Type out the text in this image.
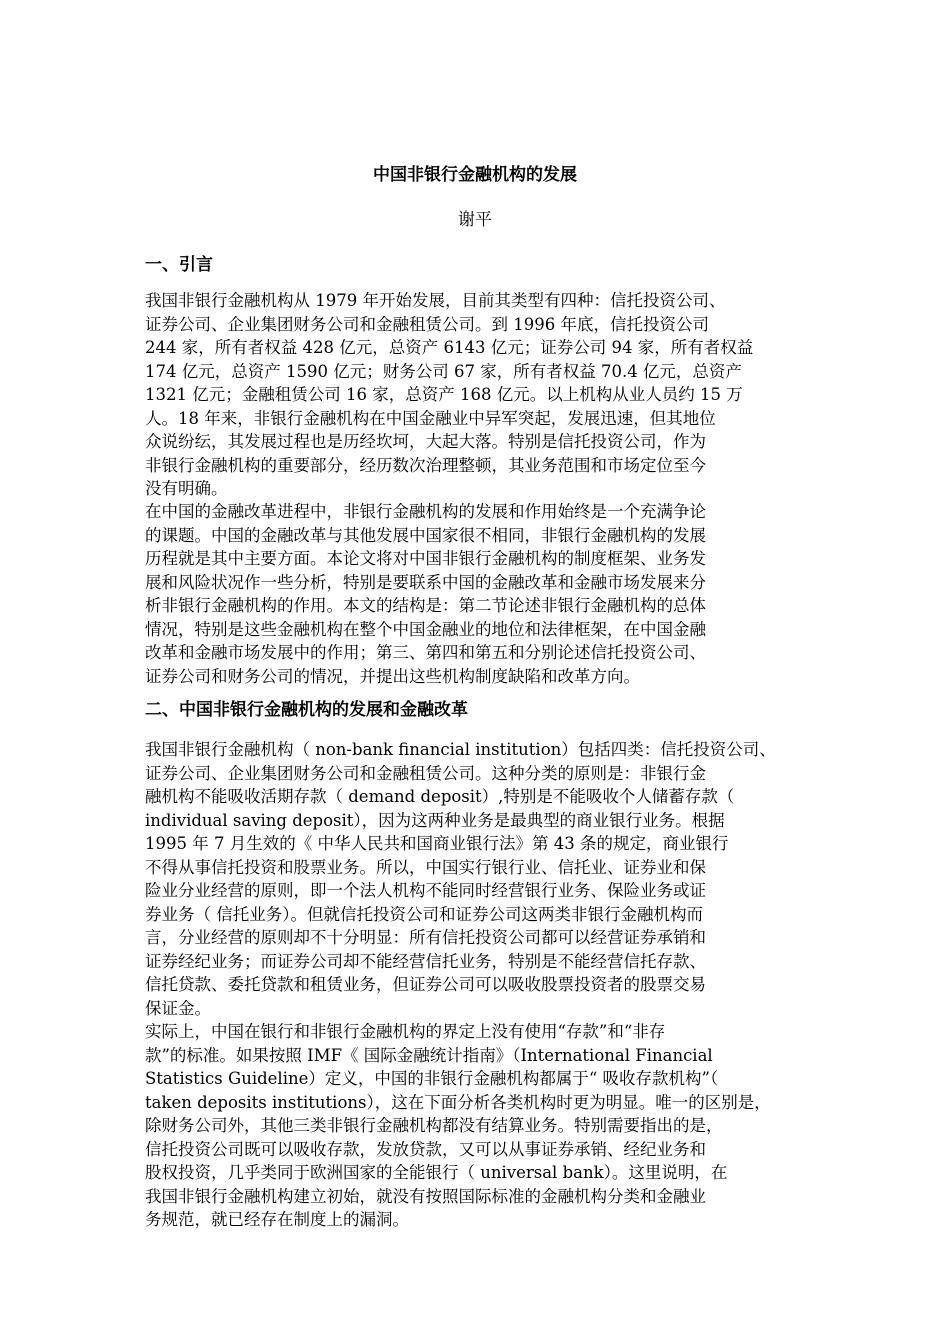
中国非银行金融机构的发展
谢平
一、引言
我国非银行金融机构从 1979 年开始发展，目前其类型有四种：信托投资公司、
证券公司、企业集团财务公司和金融租赁公司。到 1996 年底，信托投资公司
244 家，所有者权益 428 亿元，总资产 6143 亿元；证券公司 94 家，所有者权益
174 亿元，总资产 1590 亿元；财务公司 67 家，所有者权益 70.4 亿元，总资产
1321 亿元；金融租赁公司 16 家，总资产 168 亿元。以上机构从业人员约 15 万
人。18 年来，非银行金融机构在中国金融业中异军突起，发展迅速，但其地位
众说纷纭，其发展过程也是历经坎坷，大起大落。特别是信托投资公司，作为
非银行金融机构的重要部分，经历数次治理整顿，其业务范围和市场定位至今
没有明确。
在中国的金融改革进程中，非银行金融机构的发展和作用始终是一个充满争论
的课题。中国的金融改革与其他发展中国家很不相同，非银行金融机构的发展
历程就是其中主要方面。本论文将对中国非银行金融机构的制度框架、业务发
展和风险状况作一些分析，特别是要联系中国的金融改革和金融市场发展来分
析非银行金融机构的作用。本文的结构是：第二节论述非银行金融机构的总体
情况，特别是这些金融机构在整个中国金融业的地位和法律框架，在中国金融
改革和金融市场发展中的作用；第三、第四和第五和分别论述信托投资公司、
证券公司和财务公司的情况，并提出这些机构制度缺陷和改革方向。
二、中国非银行金融机构的发展和金融改革
我国非银行金融机构（ non-bank financial institution）包括四类：信托投资公司、
证券公司、企业集团财务公司和金融租赁公司。这种分类的原则是：非银行金
融机构不能吸收活期存款（ demand deposit）,特别是不能吸收个人储蓄存款（
individual saving deposit），因为这两种业务是最典型的商业银行业务。根据
1995 年 7 月生效的《 中华人民共和国商业银行法》第 43 条的规定，商业银行
不得从事信托投资和股票业务。所以，中国实行银行业、信托业、证券业和保
险业分业经营的原则，即一个法人机构不能同时经营银行业务、保险业务或证
券业务（ 信托业务）。但就信托投资公司和证券公司这两类非银行金融机构而
言，分业经营的原则却不十分明显：所有信托投资公司都可以经营证券承销和
证券经纪业务；而证券公司却不能经营信托业务，特别是不能经营信托存款、
信托贷款、委托贷款和租赁业务，但证券公司可以吸收股票投资者的股票交易
保证金。
实际上，中国在银行和非银行金融机构的界定上没有使用“存款”和“非存
款”的标准。如果按照 IMF《 国际金融统计指南》（International Financial
Statistics Guideline）定义，中国的非银行金融机构都属于“ 吸收存款机构”（
taken deposits institutions），这在下面分析各类机构时更为明显。唯一的区别是，
除财务公司外，其他三类非银行金融机构都没有结算业务。特别需要指出的是，
信托投资公司既可以吸收存款，发放贷款，又可以从事证券承销、经纪业务和
股权投资，几乎类同于欧洲国家的全能银行（ universal bank）。这里说明，在
我国非银行金融机构建立初始，就没有按照国际标准的金融机构分类和金融业
务规范，就已经存在制度上的漏洞。
